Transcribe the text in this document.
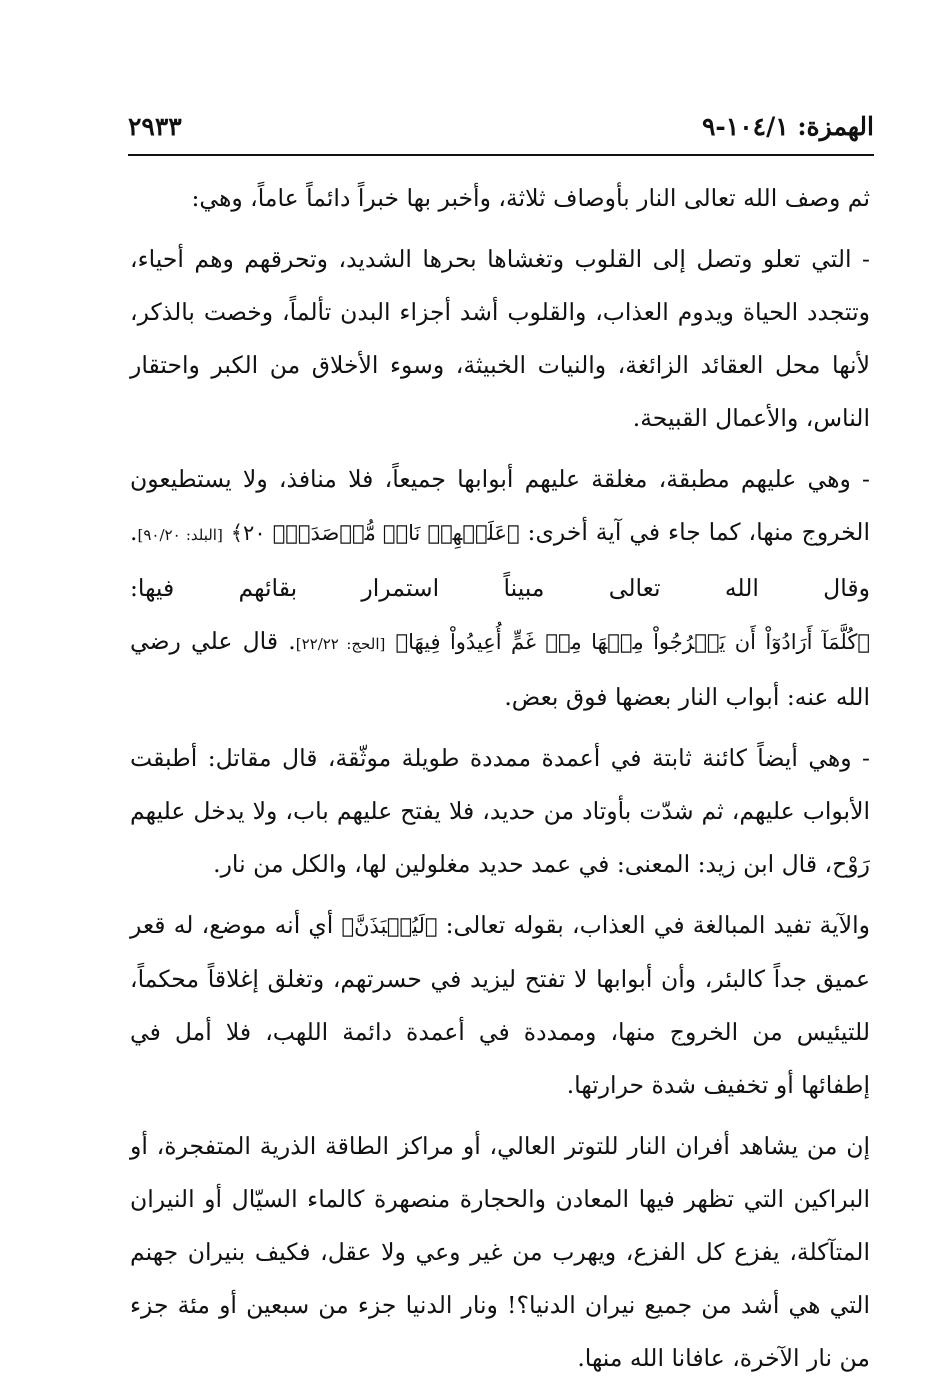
الهمزة: ١٠٤/١-٩
٢٩٣٣

ثم وصف الله تعالى النار بأوصاف ثلاثة، وأخبر بها خبراً دائماً عاماً، وهي:

- التي تعلو وتصل إلى القلوب وتغشاها بحرها الشديد، وتحرقهم وهم أحياء، وتتجدد الحياة ويدوم العذاب، والقلوب أشد أجزاء البدن تألماً، وخصت بالذكر، لأنها محل العقائد الزائغة، والنيات الخبيثة، وسوء الأخلاق من الكبر واحتقار الناس، والأعمال القبيحة.

- وهي عليهم مطبقة، مغلقة عليهم أبوابها جميعاً، فلا منافذ، ولا يستطيعون الخروج منها، كما جاء في آية أخرى: ﴿عَلَيۡهِمۡ نَارٞ مُّؤۡصَدَةُۢ ٢٠﴾ [البلد: ٩٠/٢٠]. وقال الله تعالى مبيناً استمرار بقائهم فيها: ﴿كُلَّمَآ أَرَادُوٓاْ أَن يَخۡرُجُواْ مِنۡهَا مِنۡ غَمٍّ أُعِيدُواْ فِيهَا﴾ [الحج: ٢٢/٢٢]. قال علي رضي الله عنه: أبواب النار بعضها فوق بعض.

- وهي أيضاً كائنة ثابتة في أعمدة ممددة طويلة موثّقة، قال مقاتل: أطبقت الأبواب عليهم، ثم شدّت بأوتاد من حديد، فلا يفتح عليهم باب، ولا يدخل عليهم رَوْح، قال ابن زيد: المعنى: في عمد حديد مغلولين لها، والكل من نار.

والآية تفيد المبالغة في العذاب، بقوله تعالى: ﴿لَيُنۢبَذَنَّ﴾ أي أنه موضع، له قعر عميق جداً كالبئر، وأن أبوابها لا تفتح ليزيد في حسرتهم، وتغلق إغلاقاً محكماً، للتيئيس من الخروج منها، وممددة في أعمدة دائمة اللهب، فلا أمل في إطفائها أو تخفيف شدة حرارتها.

إن من يشاهد أفران النار للتوتر العالي، أو مراكز الطاقة الذرية المتفجرة، أو البراكين التي تظهر فيها المعادن والحجارة منصهرة كالماء السيّال أو النيران المتآكلة، يفزع كل الفزع، ويهرب من غير وعي ولا عقل، فكيف بنيران جهنم التي هي أشد من جميع نيران الدنيا؟! ونار الدنيا جزء من سبعين أو مئة جزء من نار الآخرة، عافانا الله منها.
